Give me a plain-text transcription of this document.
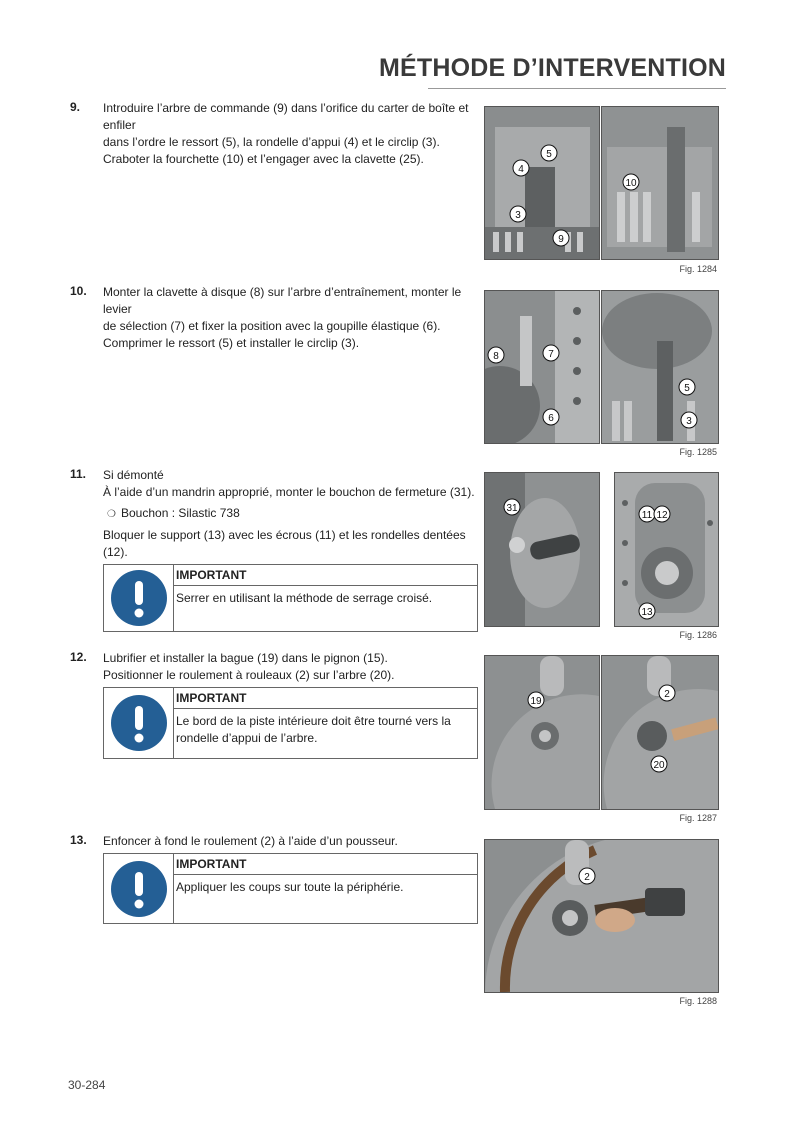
MÉTHODE D’INTERVENTION
9. Introduire l’arbre de commande (9) dans l’orifice du carter de boîte et enfiler

dans l’ordre le ressort (5), la rondelle d’appui (4) et le circlip (3).

Craboter la fourchette (10) et l’engager avec la clavette (25).	5
4
3
9
10
Fig. 1284
10. Monter la clavette à disque (8) sur l’arbre d’entraînement, monter le levier

de sélection (7) et fixer la position avec la goupille élastique (6).

Comprimer le ressort (5) et installer le circlip (3).

7
8
6
5
3
Fig. 1285
11. Si démonté

À l’aide d’un mandrin approprié, monter le bouchon de fermeture (31).

❍ Bouchon : Silastic 738

Bloquer le support (13) avec les écrous (11) et les rondelles dentées (12).

IMPORTANT
Serrer en utilisant la méthode de serrage croisé.
31
11 12
13
Fig. 1286
12. Lubrifier et installer la bague (19) dans le pignon (15).

Positionner le roulement à rouleaux (2) sur l’arbre (20).

IMPORTANT
Le bord de la piste intérieure doit être tourné vers la rondelle d’appui de l’arbre.
19
2
20
Fig. 1287
13. Enfoncer à fond le roulement (2) à l’aide d’un pousseur.

IMPORTANT
Appliquer les coups sur toute la périphérie.
2
Fig. 1288
30-284
